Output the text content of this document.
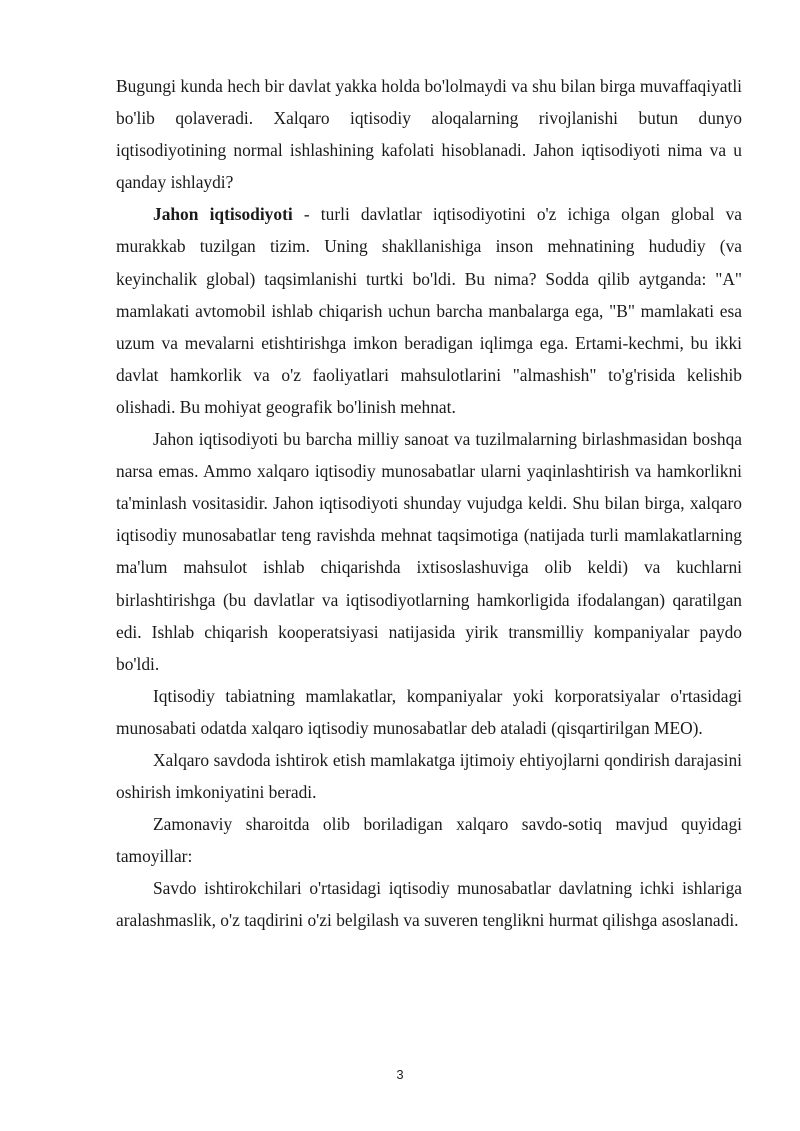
Bugungi kunda hech bir davlat yakka holda bo'lolmaydi va shu bilan birga muvaffaqiyatli bo'lib qolaveradi. Xalqaro iqtisodiy aloqalarning rivojlanishi butun dunyo iqtisodiyotining normal ishlashining kafolati hisoblanadi. Jahon iqtisodiyoti nima va u qanday ishlaydi?

Jahon iqtisodiyoti - turli davlatlar iqtisodiyotini o'z ichiga olgan global va murakkab tuzilgan tizim. Uning shakllanishiga inson mehnatining hududiy (va keyinchalik global) taqsimlanishi turtki bo'ldi. Bu nima? Sodda qilib aytganda: "A" mamlakati avtomobil ishlab chiqarish uchun barcha manbalarga ega, "B" mamlakati esa uzum va mevalarni etishtirishga imkon beradigan iqlimga ega. Ertami-kechmi, bu ikki davlat hamkorlik va o'z faoliyatlari mahsulotlarini "almashish" to'g'risida kelishib olishadi. Bu mohiyat geografik bo'linish mehnat.

Jahon iqtisodiyoti bu barcha milliy sanoat va tuzilmalarning birlashmasidan boshqa narsa emas. Ammo xalqaro iqtisodiy munosabatlar ularni yaqinlashtirish va hamkorlikni ta'minlash vositasidir. Jahon iqtisodiyoti shunday vujudga keldi. Shu bilan birga, xalqaro iqtisodiy munosabatlar teng ravishda mehnat taqsimotiga (natijada turli mamlakatlarning ma'lum mahsulot ishlab chiqarishda ixtisoslashuviga olib keldi) va kuchlarni birlashtirishga (bu davlatlar va iqtisodiyotlarning hamkorligida ifodalangan) qaratilgan edi. Ishlab chiqarish kooperatsiyasi natijasida yirik transmilliy kompaniyalar paydo bo'ldi.

Iqtisodiy tabiatning mamlakatlar, kompaniyalar yoki korporatsiyalar o'rtasidagi munosabati odatda xalqaro iqtisodiy munosabatlar deb ataladi (qisqartirilgan MEO).

Xalqaro savdoda ishtirok etish mamlakatga ijtimoiy ehtiyojlarni qondirish darajasini oshirish imkoniyatini beradi.

Zamonaviy sharoitda olib boriladigan xalqaro savdo-sotiq mavjud quyidagi tamoyillar:

Savdo ishtirokchilari o'rtasidagi iqtisodiy munosabatlar davlatning ichki ishlariga aralashmaslik, o'z taqdirini o'zi belgilash va suveren tenglikni hurmat qilishga asoslanadi.

3
